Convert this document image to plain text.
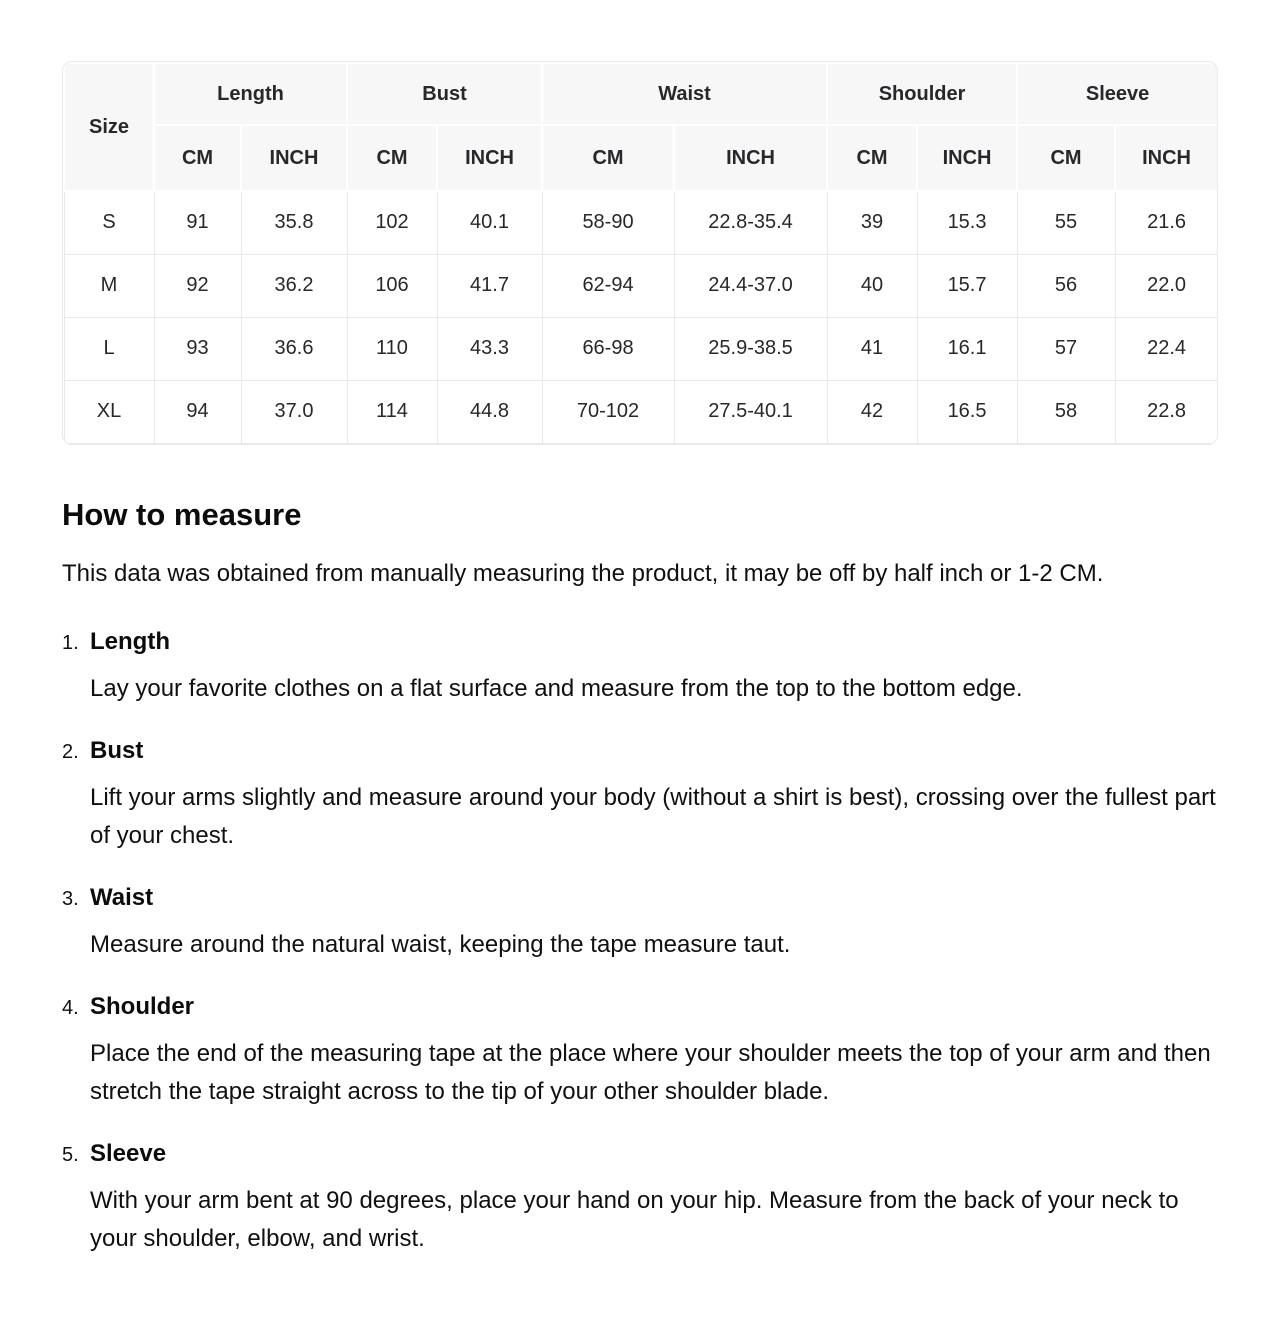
Size	Length		Bust		Waist		Shoulder		Sleeve	
	CM	INCH	CM	INCH	CM	INCH	CM	INCH	CM	INCH
S	91	35.8	102	40.1	58-90	22.8-35.4	39	15.3	55	21.6
M	92	36.2	106	41.7	62-94	24.4-37.0	40	15.7	56	22.0
L	93	36.6	110	43.3	66-98	25.9-38.5	41	16.1	57	22.4
XL	94	37.0	114	44.8	70-102	27.5-40.1	42	16.5	58	22.8
How to measure

This data was obtained from manually measuring the product, it may be off by half inch or 1-2 CM.

1. Length

Lay your favorite clothes on a flat surface and measure from the top to the bottom edge.

2. Bust

Lift your arms slightly and measure around your body (without a shirt is best), crossing over the fullest part of your chest.

3. Waist

Measure around the natural waist, keeping the tape measure taut.

4. Shoulder

Place the end of the measuring tape at the place where your shoulder meets the top of your arm and then stretch the tape straight across to the tip of your other shoulder blade.

5. Sleeve

With your arm bent at 90 degrees, place your hand on your hip. Measure from the back of your neck to your shoulder, elbow, and wrist.
